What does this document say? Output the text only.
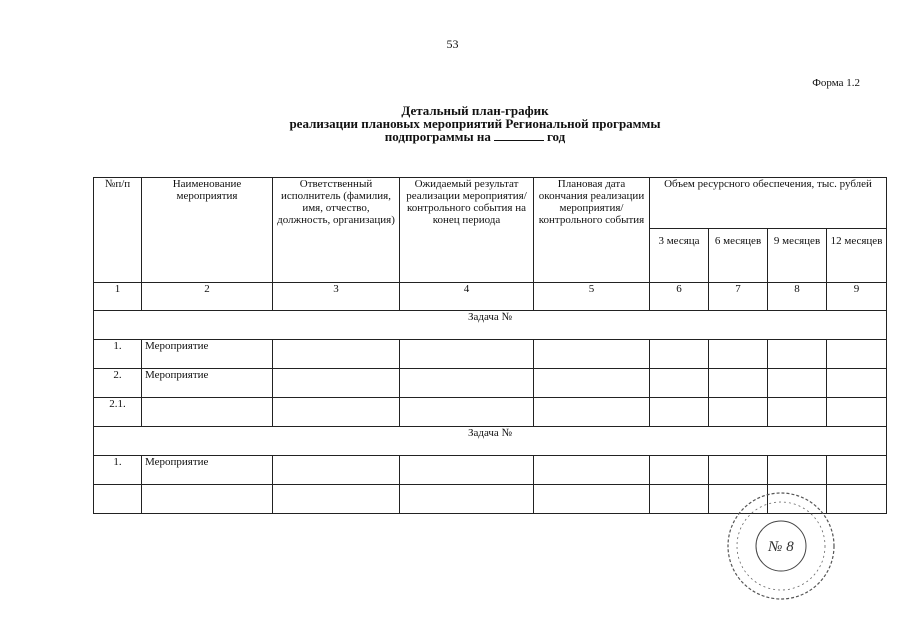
53
Форма 1.2
Детальный план-график
реализации плановых мероприятий Региональной программы
подпрограммы на	год
№п/п	Наименование мероприятия	Ответственный исполнитель (фамилия, имя, отчество, должность, организация)	Ожидаемый результат реализации мероприятия/контрольного события на конец периода	Плановая дата окончания реализации мероприятия/контрольного события	Объем ресурсного обеспечения, тыс. рублей			
					3 месяца	6 месяцев	9 месяцев	12 месяцев
1	2	3	4	5	6	7	8	9
Задача №								
1.	Мероприятие							
2.	Мероприятие							
2.1.								
Задача №								
1.	Мероприятие							

№ 8
